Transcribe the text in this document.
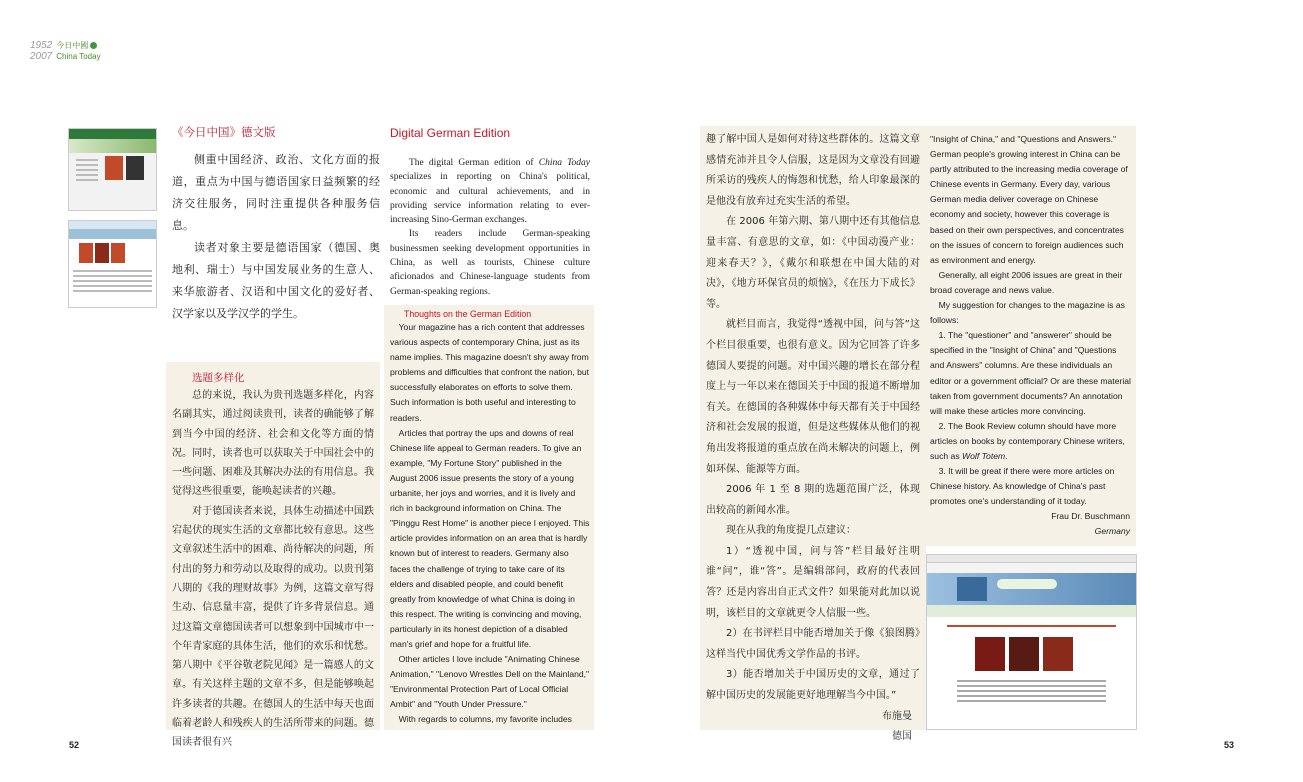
1952 今日中國
2007 China Today
《今日中国》德文版

侧重中国经济、政治、文化方面的报道，重点为中国与德语国家日益频繁的经济交往服务，同时注重提供各种服务信息。

读者对象主要是德语国家（德国、奥地利、瑞士）与中国发展业务的生意人、来华旅游者、汉语和中国文化的爱好者、汉学家以及学汉学的学生。

Digital German Edition

The digital German edition of China Today specializes in reporting on China's political, economic and cultural achievements, and in providing service information relating to ever-increasing Sino-German exchanges.

Its readers include German-speaking businessmen seeking development opportunities in China, as well as tourists, Chinese culture aficionados and Chinese-language students from German-speaking regions.

选题多样化

总的来说，我认为贵刊选题多样化，内容名副其实，通过阅读贵刊，读者的确能够了解到当今中国的经济、社会和文化等方面的情况。同时，读者也可以获取关于中国社会中的一些问题、困难及其解决办法的有用信息。我觉得这些很重要，能唤起读者的兴趣。

对于德国读者来说，具体生动描述中国跌宕起伏的现实生活的文章都比较有意思。这些文章叙述生活中的困难、尚待解决的问题，所付出的努力和劳动以及取得的成功。以贵刊第八期的《我的理财故事》为例，这篇文章写得生动、信息量丰富，提供了许多背景信息。通过这篇文章德国读者可以想象到中国城市中一个年青家庭的具体生活，他们的欢乐和忧愁。第八期中《平谷敬老院见闻》是一篇感人的文章。有关这样主题的文章不多，但是能够唤起许多读者的共趣。在德国人的生活中每天也面临着老龄人和残疾人的生活所带来的问题。德国读者很有兴

Thoughts on the German Edition

Your magazine has a rich content that addresses various aspects of contemporary China, just as its name implies. This magazine doesn't shy away from problems and difficulties that confront the nation, but successfully elaborates on efforts to solve them. Such information is both useful and interesting to readers.

Articles that portray the ups and downs of real Chinese life appeal to German readers. To give an example, "My Fortune Story" published in the August 2006 issue presents the story of a young urbanite, her joys and worries, and it is lively and rich in background information on China. The "Pinggu Rest Home" is another piece I enjoyed. This article provides information on an area that is hardly known but of interest to readers. Germany also faces the challenge of trying to take care of its elders and disabled people, and could benefit greatly from knowledge of what China is doing in this respect. The writing is convincing and moving, particularly in its honest depiction of a disabled man's grief and hope for a fruitful life.

Other articles I love include "Animating Chinese Animation," "Lenovo Wrestles Dell on the Mainland," "Environmental Protection Part of Local Official Ambit" and "Youth Under Pressure."

With regards to columns, my favorite includes

52

趣了解中国人是如何对待这些群体的。这篇文章感情充沛并且令人信服，这是因为文章没有回避所采访的残疾人的悔怨和忧愁，给人印象最深的是他没有放弃过充实生活的希望。

在 2006 年第六期、第八期中还有其他信息量丰富、有意思的文章，如：《中国动漫产业：迎来春天？》，《戴尔和联想在中国大陆的对决》，《地方环保官员的烦恼》，《在压力下成长》等。

就栏目而言，我觉得“透视中国，问与答”这个栏目很重要，也很有意义。因为它回答了许多德国人要提的问题。对中国兴趣的增长在部分程度上与一年以来在德国关于中国的报道不断增加有关。在德国的各种媒体中每天都有关于中国经济和社会发展的报道，但是这些媒体从他们的视角出发将报道的重点放在尚未解决的问题上，例如环保、能源等方面。

2006 年 1 至 8 期的选题范围广泛，体现出较高的新闻水准。

现在从我的角度提几点建议：

1）“透视中国，问与答”栏目最好注明谁“问”，谁“答”。是编辑部问，政府的代表回答？还是内容出自正式文件？如果能对此加以说明，该栏目的文章就更令人信服一些。

2）在书评栏目中能否增加关于像《狼图腾》这样当代中国优秀文学作品的书评。

3）能否增加关于中国历史的文章，通过了解中国历史的发展能更好地理解当今中国。”

布施曼

德国

"Insight of China," and "Questions and Answers." German people's growing interest in China can be partly attributed to the increasing media coverage of Chinese events in Germany. Every day, various German media deliver coverage on Chinese economy and society, however this coverage is based on their own perspectives, and concentrates on the issues of concern to foreign audiences such as environment and energy.

Generally, all eight 2006 issues are great in their broad coverage and news value.

My suggestion for changes to the magazine is as follows:

1. The "questioner" and "answerer" should be specified in the "Insight of China" and "Questions and Answers" columns. Are these individuals an editor or a government official? Or are these material taken from government documents? An annotation will make these articles more convincing.

2. The Book Review column should have more articles on books by contemporary Chinese writers, such as Wolf Totem.

3. It will be great if there were more articles on Chinese history. As knowledge of China's past promotes one's understanding of it today.

Frau Dr. Buschmann

Germany

53
